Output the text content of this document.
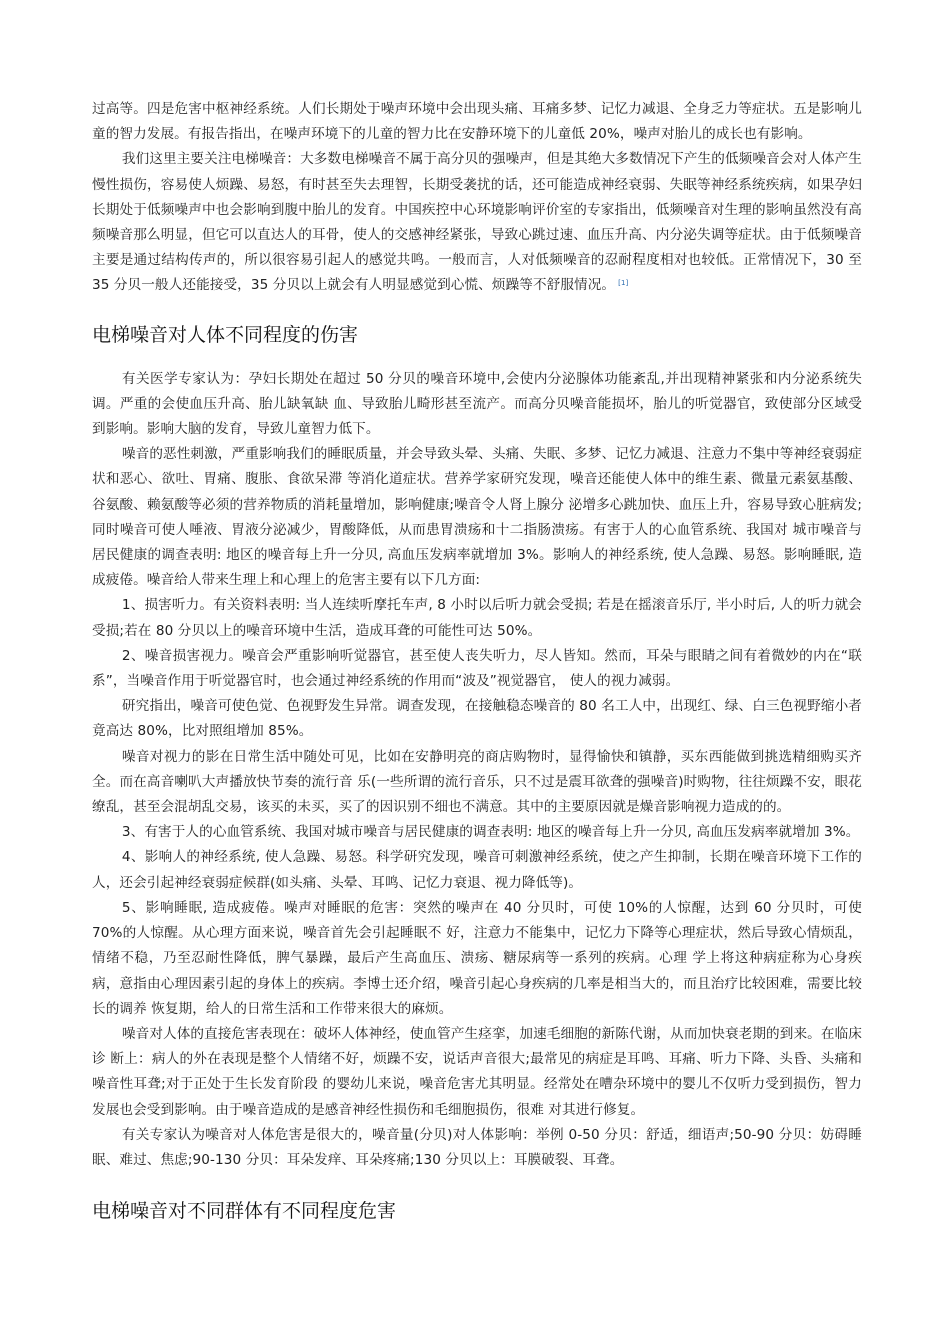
过高等。四是危害中枢神经系统。人们长期处于噪声环境中会出现头痛、耳痛多梦、记忆力减退、全身乏力等症状。五是影响儿童的智力发展。有报告指出，在噪声环境下的儿童的智力比在安静环境下的儿童低 20%，噪声对胎儿的成长也有影响。

我们这里主要关注电梯噪音：大多数电梯噪音不属于高分贝的强噪声，但是其绝大多数情况下产生的低频噪音会对人体产生慢性损伤，容易使人烦躁、易怒，有时甚至失去理智，长期受袭扰的话，还可能造成神经衰弱、失眠等神经系统疾病，如果孕妇长期处于低频噪声中也会影响到腹中胎儿的发育。中国疾控中心环境影响评价室的专家指出，低频噪音对生理的影响虽然没有高频噪音那么明显，但它可以直达人的耳骨，使人的交感神经紧张，导致心跳过速、血压升高、内分泌失调等症状。由于低频噪音主要是通过结构传声的，所以很容易引起人的感觉共鸣。一般而言，人对低频噪音的忍耐程度相对也较低。正常情况下，30 至 35 分贝一般人还能接受，35 分贝以上就会有人明显感觉到心慌、烦躁等不舒服情况。 [1]

电梯噪音对人体不同程度的伤害

有关医学专家认为：孕妇长期处在超过 50 分贝的噪音环境中,会使内分泌腺体功能紊乱,并出现精神紧张和内分泌系统失调。严重的会使血压升高、胎儿缺氧缺 血、导致胎儿畸形甚至流产。而高分贝噪音能损坏，胎儿的听觉器官，致使部分区域受到影响。影响大脑的发育，导致儿童智力低下。

噪音的恶性刺激，严重影响我们的睡眠质量，并会导致头晕、头痛、失眠、多梦、记忆力减退、注意力不集中等神经衰弱症状和恶心、欲吐、胃痛、腹胀、食欲呆滞 等消化道症状。营养学家研究发现，噪音还能使人体中的维生素、微量元素氨基酸、谷氨酸、赖氨酸等必须的营养物质的消耗量增加，影响健康;噪音令人肾上腺分 泌增多心跳加快、血压上升，容易导致心脏病发;同时噪音可使人唾液、胃液分泌减少，胃酸降低，从而患胃溃疡和十二指肠溃疡。有害于人的心血管系统、我国对 城市噪音与居民健康的调查表明: 地区的噪音每上升一分贝, 高血压发病率就增加 3%。影响人的神经系统, 使人急躁、易怒。影响睡眠, 造成疲倦。噪音给人带来生理上和心理上的危害主要有以下几方面:

1、损害听力。有关资料表明: 当人连续听摩托车声, 8 小时以后听力就会受损; 若是在摇滚音乐厅, 半小时后, 人的听力就会受损;若在 80 分贝以上的噪音环境中生活，造成耳聋的可能性可达 50%。

2、噪音损害视力。噪音会严重影响听觉器官，甚至使人丧失听力，尽人皆知。然而，耳朵与眼睛之间有着微妙的内在“联系”，当噪音作用于听觉器官时，也会通过神经系统的作用而“波及”视觉器官， 使人的视力减弱。

研究指出，噪音可使色觉、色视野发生异常。调查发现，在接触稳态噪音的 80 名工人中，出现红、绿、白三色视野缩小者竟高达 80%，比对照组增加 85%。

噪音对视力的影在日常生活中随处可见，比如在安静明亮的商店购物时，显得愉快和镇静，买东西能做到挑选精细购买齐全。而在高音喇叭大声播放快节奏的流行音 乐(一些所谓的流行音乐，只不过是震耳欲聋的强噪音)时购物，往往烦躁不安，眼花缭乱，甚至会混胡乱交易，该买的未买，买了的因识别不细也不满意。其中的主要原因就是燥音影响视力造成的的。

3、有害于人的心血管系统、我国对城市噪音与居民健康的调查表明: 地区的噪音每上升一分贝, 高血压发病率就增加 3%。

4、影响人的神经系统, 使人急躁、易怒。科学研究发现，噪音可刺激神经系统，使之产生抑制，长期在噪音环境下工作的人，还会引起神经衰弱症候群(如头痛、头晕、耳鸣、记忆力衰退、视力降低等)。

5、影响睡眠, 造成疲倦。噪声对睡眠的危害：突然的噪声在 40 分贝时，可使 10%的人惊醒，达到 60 分贝时，可使 70%的人惊醒。从心理方面来说，噪音首先会引起睡眠不 好，注意力不能集中，记忆力下降等心理症状，然后导致心情烦乱，情绪不稳，乃至忍耐性降低，脾气暴躁，最后产生高血压、溃疡、糖尿病等一系列的疾病。心理 学上将这种病症称为心身疾病，意指由心理因素引起的身体上的疾病。李博士还介绍，噪音引起心身疾病的几率是相当大的，而且治疗比较困难，需要比较长的调养 恢复期，给人的日常生活和工作带来很大的麻烦。

噪音对人体的直接危害表现在：破坏人体神经，使血管产生痉挛，加速毛细胞的新陈代谢，从而加快衰老期的到来。在临床诊 断上：病人的外在表现是整个人情绪不好，烦躁不安，说话声音很大;最常见的病症是耳鸣、耳痛、听力下降、头昏、头痛和噪音性耳聋;对于正处于生长发育阶段 的婴幼儿来说，噪音危害尤其明显。经常处在嘈杂环境中的婴儿不仅听力受到损伤，智力发展也会受到影响。由于噪音造成的是感音神经性损伤和毛细胞损伤，很难 对其进行修复。

有关专家认为噪音对人体危害是很大的，噪音量(分贝)对人体影响：举例 0-50 分贝：舒适，细语声;50-90 分贝：妨碍睡眠、难过、焦虑;90-130 分贝：耳朵发痒、耳朵疼痛;130 分贝以上：耳膜破裂、耳聋。

电梯噪音对不同群体有不同程度危害
